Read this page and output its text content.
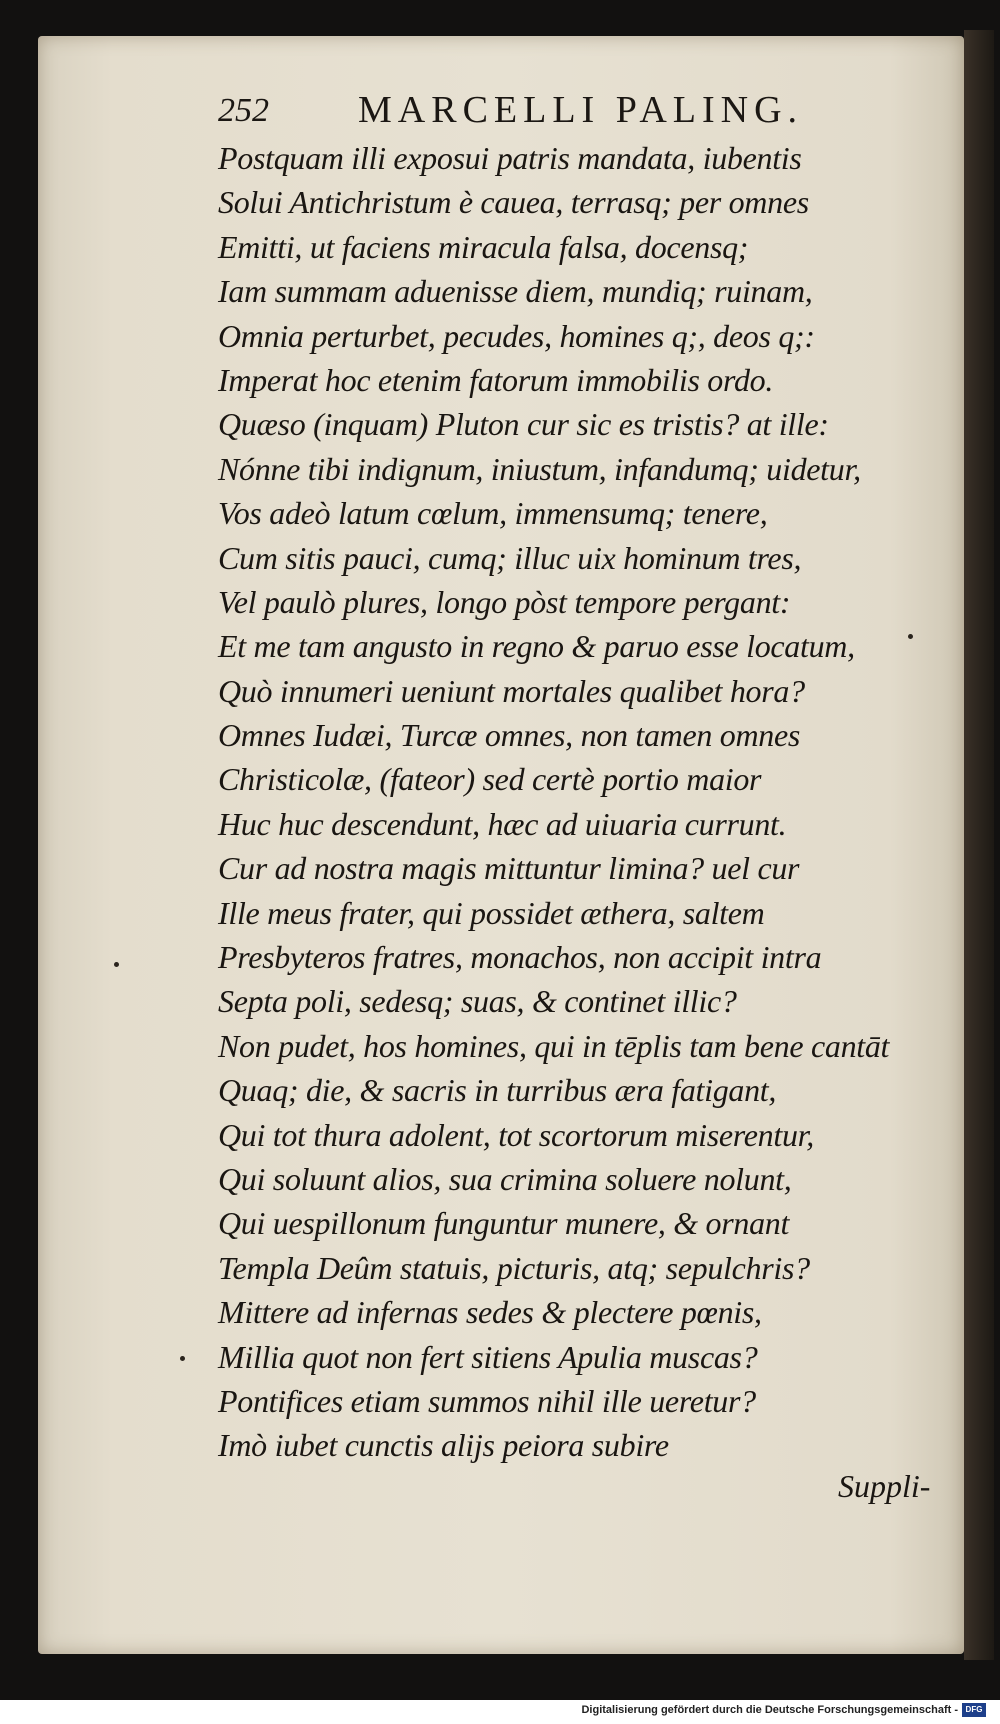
252 MARCELLI PALING.
Postquam illi exposui patris mandata, iubentis
Solui Antichristum è cauea, terrasq; per omnes
Emitti, ut faciens miracula falsa, docensq;
Iam summam aduenisse diem, mundiq; ruinam,
Omnia perturbet, pecudes, homines q;, deos q;:
Imperat hoc etenim fatorum immobilis ordo.
Quæso (inquam) Pluton cur sic es tristis? at ille:
Nónne tibi indignum, iniustum, infandumq; uidetur,
Vos adeò latum cœlum, immensumq; tenere,
Cum sitis pauci, cumq; illuc uix hominum tres,
Vel paulò plures, longo pòst tempore pergant:
Et me tam angusto in regno & paruo esse locatum,
Quò innumeri ueniunt mortales qualibet hora?
Omnes Iudæi, Turcæ omnes, non tamen omnes
Christicolæ, (fateor) sed certè portio maior
Huc huc descendunt, hæc ad uiuaria currunt.
Cur ad nostra magis mittuntur limina? uel cur
Ille meus frater, qui possidet æthera, saltem
Presbyteros fratres, monachos, non accipit intra
Septa poli, sedesq; suas, & continet illic?
Non pudet, hos homines, qui in tēplis tam bene cantāt
Quaq; die, & sacris in turribus æra fatigant,
Qui tot thura adolent, tot scortorum miserentur,
Qui soluunt alios, sua crimina soluere nolunt,
Qui uespillonum funguntur munere, & ornant
Templa Deûm statuis, picturis, atq; sepulchris?
Mittere ad infernas sedes & plectere pœnis,
Millia quot non fert sitiens Apulia muscas?
Pontifices etiam summos nihil ille ueretur?
Imò iubet cunctis alijs peiora subire
Suppli-
Digitalisierung gefördert durch die Deutsche Forschungsgemeinschaft - DFG
